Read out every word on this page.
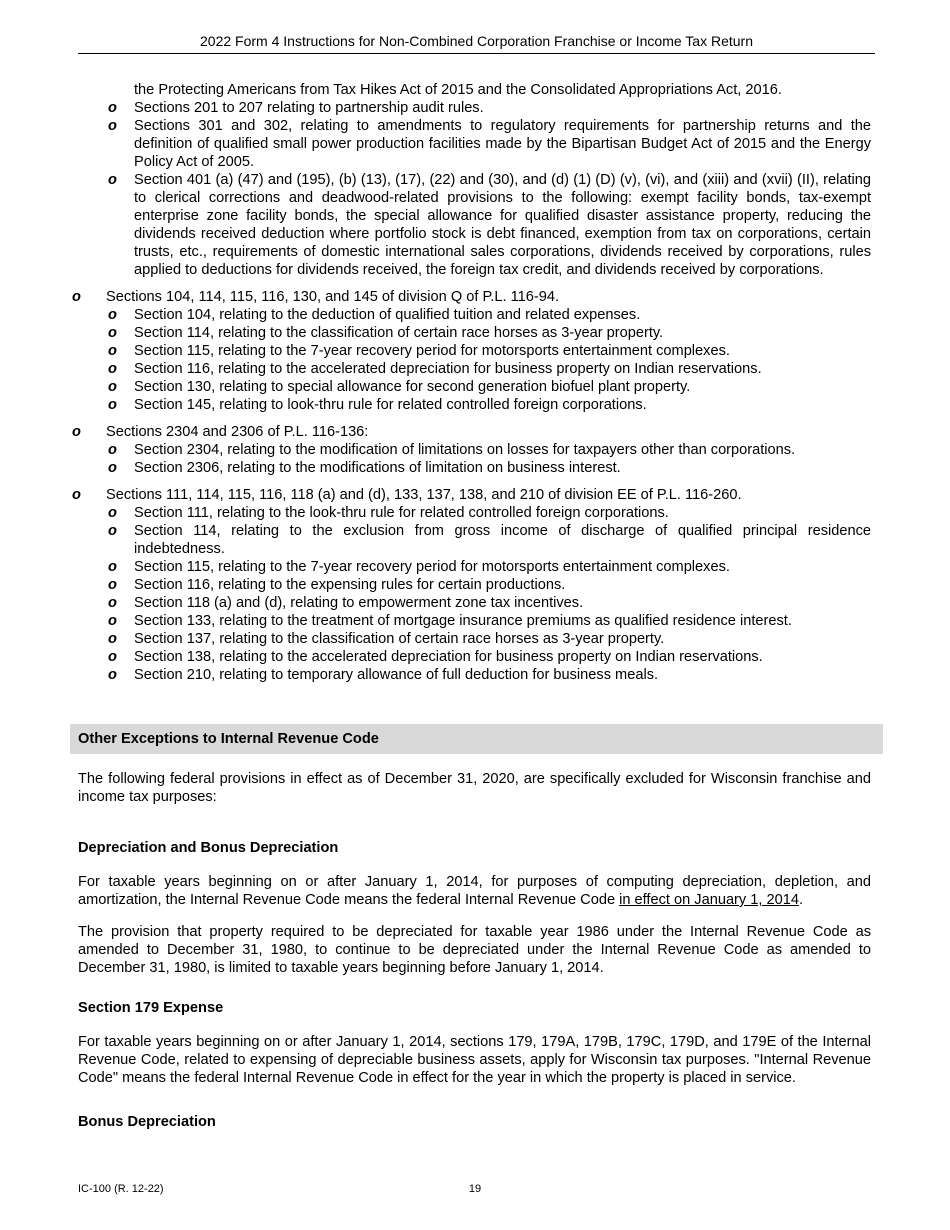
2022 Form 4 Instructions for Non-Combined Corporation Franchise or Income Tax Return
the Protecting Americans from Tax Hikes Act of 2015 and the Consolidated Appropriations Act, 2016.
o Sections 201 to 207 relating to partnership audit rules.
o Sections 301 and 302, relating to amendments to regulatory requirements for partnership returns and the definition of qualified small power production facilities made by the Bipartisan Budget Act of 2015 and the Energy Policy Act of 2005.
o Section 401 (a) (47) and (195), (b) (13), (17), (22) and (30), and (d) (1) (D) (v), (vi), and (xiii) and (xvii) (II), relating to clerical corrections and deadwood-related provisions to the following: exempt facility bonds, tax-exempt enterprise zone facility bonds, the special allowance for qualified disaster assistance property, reducing the dividends received deduction where portfolio stock is debt financed, exemption from tax on corporations, certain trusts, etc., requirements of domestic international sales corporations, dividends received by corporations, rules applied to deductions for dividends received, the foreign tax credit, and dividends received by corporations.
o Sections 104, 114, 115, 116, 130, and 145 of division Q of P.L. 116-94.
o Section 104, relating to the deduction of qualified tuition and related expenses.
o Section 114, relating to the classification of certain race horses as 3-year property.
o Section 115, relating to the 7-year recovery period for motorsports entertainment complexes.
o Section 116, relating to the accelerated depreciation for business property on Indian reservations.
o Section 130, relating to special allowance for second generation biofuel plant property.
o Section 145, relating to look-thru rule for related controlled foreign corporations.
o Sections 2304 and 2306 of P.L. 116-136:
o Section 2304, relating to the modification of limitations on losses for taxpayers other than corporations.
o Section 2306, relating to the modifications of limitation on business interest.
o Sections 111, 114, 115, 116, 118 (a) and (d), 133, 137, 138, and 210 of division EE of P.L. 116-260.
o Section 111, relating to the look-thru rule for related controlled foreign corporations.
o Section 114, relating to the exclusion from gross income of discharge of qualified principal residence indebtedness.
o Section 115, relating to the 7-year recovery period for motorsports entertainment complexes.
o Section 116, relating to the expensing rules for certain productions.
o Section 118 (a) and (d), relating to empowerment zone tax incentives.
o Section 133, relating to the treatment of mortgage insurance premiums as qualified residence interest.
o Section 137, relating to the classification of certain race horses as 3-year property.
o Section 138, relating to the accelerated depreciation for business property on Indian reservations.
o Section 210, relating to temporary allowance of full deduction for business meals.
Other Exceptions to Internal Revenue Code

The following federal provisions in effect as of December 31, 2020, are specifically excluded for Wisconsin franchise and income tax purposes:

Depreciation and Bonus Depreciation

For taxable years beginning on or after January 1, 2014, for purposes of computing depreciation, depletion, and amortization, the Internal Revenue Code means the federal Internal Revenue Code in effect on January 1, 2014.

The provision that property required to be depreciated for taxable year 1986 under the Internal Revenue Code as amended to December 31, 1980, to continue to be depreciated under the Internal Revenue Code as amended to December 31, 1980, is limited to taxable years beginning before January 1, 2014.

Section 179 Expense

For taxable years beginning on or after January 1, 2014, sections 179, 179A, 179B, 179C, 179D, and 179E of the Internal Revenue Code, related to expensing of depreciable business assets, apply for Wisconsin tax purposes. "Internal Revenue Code" means the federal Internal Revenue Code in effect for the year in which the property is placed in service.

Bonus Depreciation
IC-100 (R. 12-22)	19
